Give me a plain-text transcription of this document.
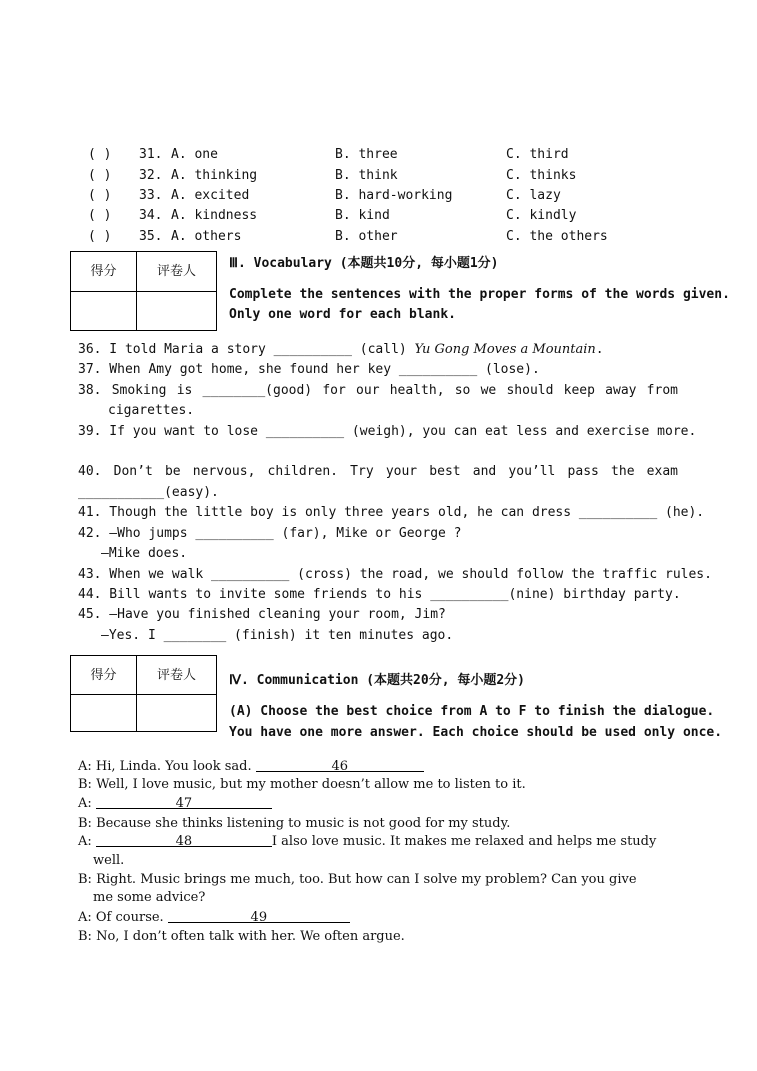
( ) 31. A. one	B. three	C. third
( ) 32. A. thinking	B. think	C. thinks
( ) 33. A. excited	B. hard-working	C. lazy
( ) 34. A. kindness	B. kind	C. kindly
( ) 35. A. others	B. other	C. the others
得分	评卷人
Ⅲ. Vocabulary (本题共10分, 每小题1分)
Complete the sentences with the proper forms of the words given.
Only one word for each blank.
36. I told Maria a story __________ (call) Yu Gong Moves a Mountain.
37. When Amy got home, she found her key __________ (lose).
38. Smoking is ________(good) for our health, so we should keep away from
cigarettes.
39. If you want to lose __________ (weigh), you can eat less and exercise more.
40. Don’t be nervous, children. Try your best and you’ll pass the exam
___________(easy).
41. Though the little boy is only three years old, he can dress __________ (he).
42. —Who jumps __________ (far), Mike or George ?
—Mike does.
43. When we walk __________ (cross) the road, we should follow the traffic rules.
44. Bill wants to invite some friends to his __________(nine) birthday party.
45. —Have you finished cleaning your room, Jim?
—Yes. I ________ (finish) it ten minutes ago.
得分	评卷人	Ⅳ. Communication (本题共20分, 每小题2分)
(A) Choose the best choice from A to F to finish the dialogue.
You have one more answer. Each choice should be used only once.
A: Hi, Linda. You look sad.	46
B: Well, I love music, but my mother doesn’t allow me to listen to it.
A:	47
B: Because she thinks listening to music is not good for my study.
A:	48	I also love music. It makes me relaxed and helps me study
well.
B: Right. Music brings me much, too. But how can I solve my problem? Can you give
me some advice?
A: Of course.	49
B: No, I don’t often talk with her. We often argue.
